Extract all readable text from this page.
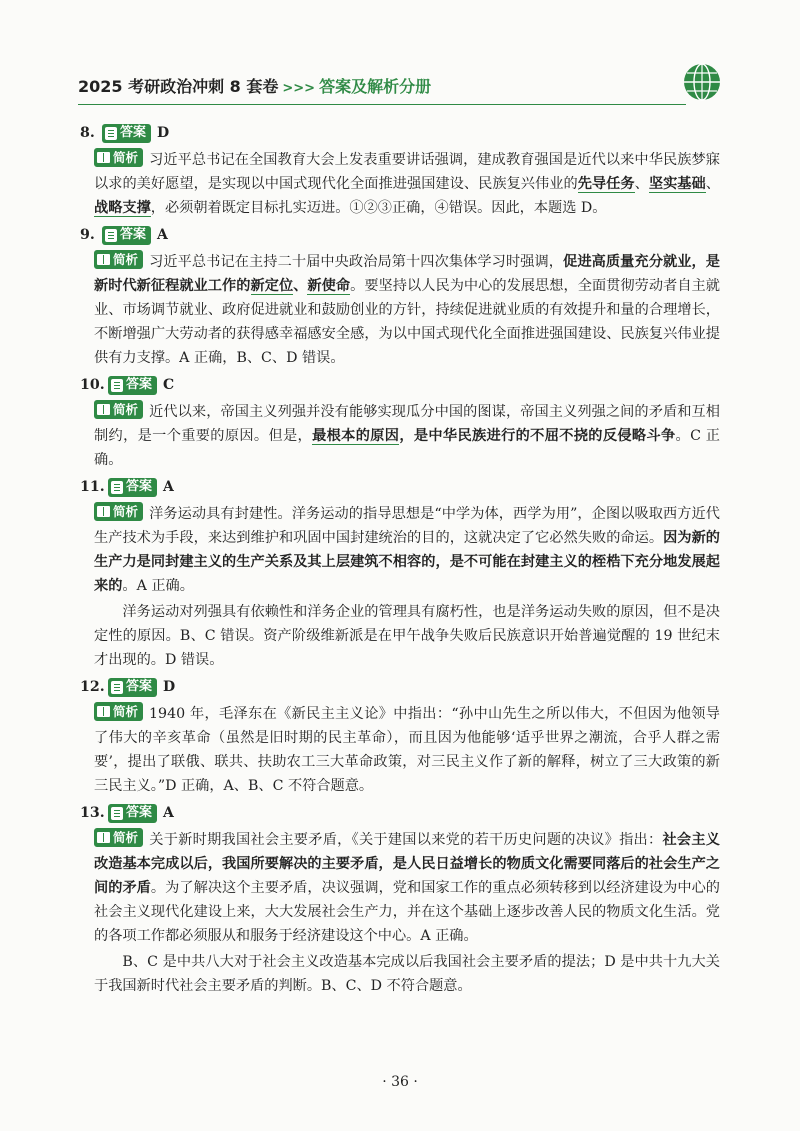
2025 考研政治冲刺 8 套卷 >>> 答案及解析分册
8.	答案 D

简析 习近平总书记在全国教育大会上发表重要讲话强调，建成教育强国是近代以来中华民族梦寐以求的美好愿望，是实现以中国式现代化全面推进强国建设、民族复兴伟业的先导任务、坚实基础、战略支撑，必须朝着既定目标扎实迈进。①②③正确，④错误。因此，本题选 D。

9.	答案 A

简析 习近平总书记在主持二十届中央政治局第十四次集体学习时强调，促进高质量充分就业，是新时代新征程就业工作的新定位、新使命。要坚持以人民为中心的发展思想，全面贯彻劳动者自主就业、市场调节就业、政府促进就业和鼓励创业的方针，持续促进就业质的有效提升和量的合理增长，不断增强广大劳动者的获得感幸福感安全感，为以中国式现代化全面推进强国建设、民族复兴伟业提供有力支撑。A 正确，B、C、D 错误。

10. 答案 C

简析 近代以来，帝国主义列强并没有能够实现瓜分中国的图谋，帝国主义列强之间的矛盾和互相制约，是一个重要的原因。但是，最根本的原因，是中华民族进行的不屈不挠的反侵略斗争。C 正确。

11. 答案 A

简析 洋务运动具有封建性。洋务运动的指导思想是“中学为体，西学为用”，企图以吸取西方近代生产技术为手段，来达到维护和巩固中国封建统治的目的，这就决定了它必然失败的命运。因为新的生产力是同封建主义的生产关系及其上层建筑不相容的，是不可能在封建主义的桎梏下充分地发展起来的。A 正确。

洋务运动对列强具有依赖性和洋务企业的管理具有腐朽性，也是洋务运动失败的原因，但不是决定性的原因。B、C 错误。资产阶级维新派是在甲午战争失败后民族意识开始普遍觉醒的 19 世纪末才出现的。D 错误。

12. 答案 D

简析 1940 年，毛泽东在《新民主主义论》中指出：“孙中山先生之所以伟大，不但因为他领导了伟大的辛亥革命（虽然是旧时期的民主革命），而且因为他能够‘适乎世界之潮流，合乎人群之需要’，提出了联俄、联共、扶助农工三大革命政策，对三民主义作了新的解释，树立了三大政策的新三民主义。”D 正确，A、B、C 不符合题意。

13. 答案 A

简析 关于新时期我国社会主要矛盾，《关于建国以来党的若干历史问题的决议》指出：社会主义改造基本完成以后，我国所要解决的主要矛盾，是人民日益增长的物质文化需要同落后的社会生产之间的矛盾。为了解决这个主要矛盾，决议强调，党和国家工作的重点必须转移到以经济建设为中心的社会主义现代化建设上来，大大发展社会生产力，并在这个基础上逐步改善人民的物质文化生活。党的各项工作都必须服从和服务于经济建设这个中心。A 正确。

B、C 是中共八大对于社会主义改造基本完成以后我国社会主要矛盾的提法；D 是中共十九大关于我国新时代社会主要矛盾的判断。B、C、D 不符合题意。

· 36 ·
